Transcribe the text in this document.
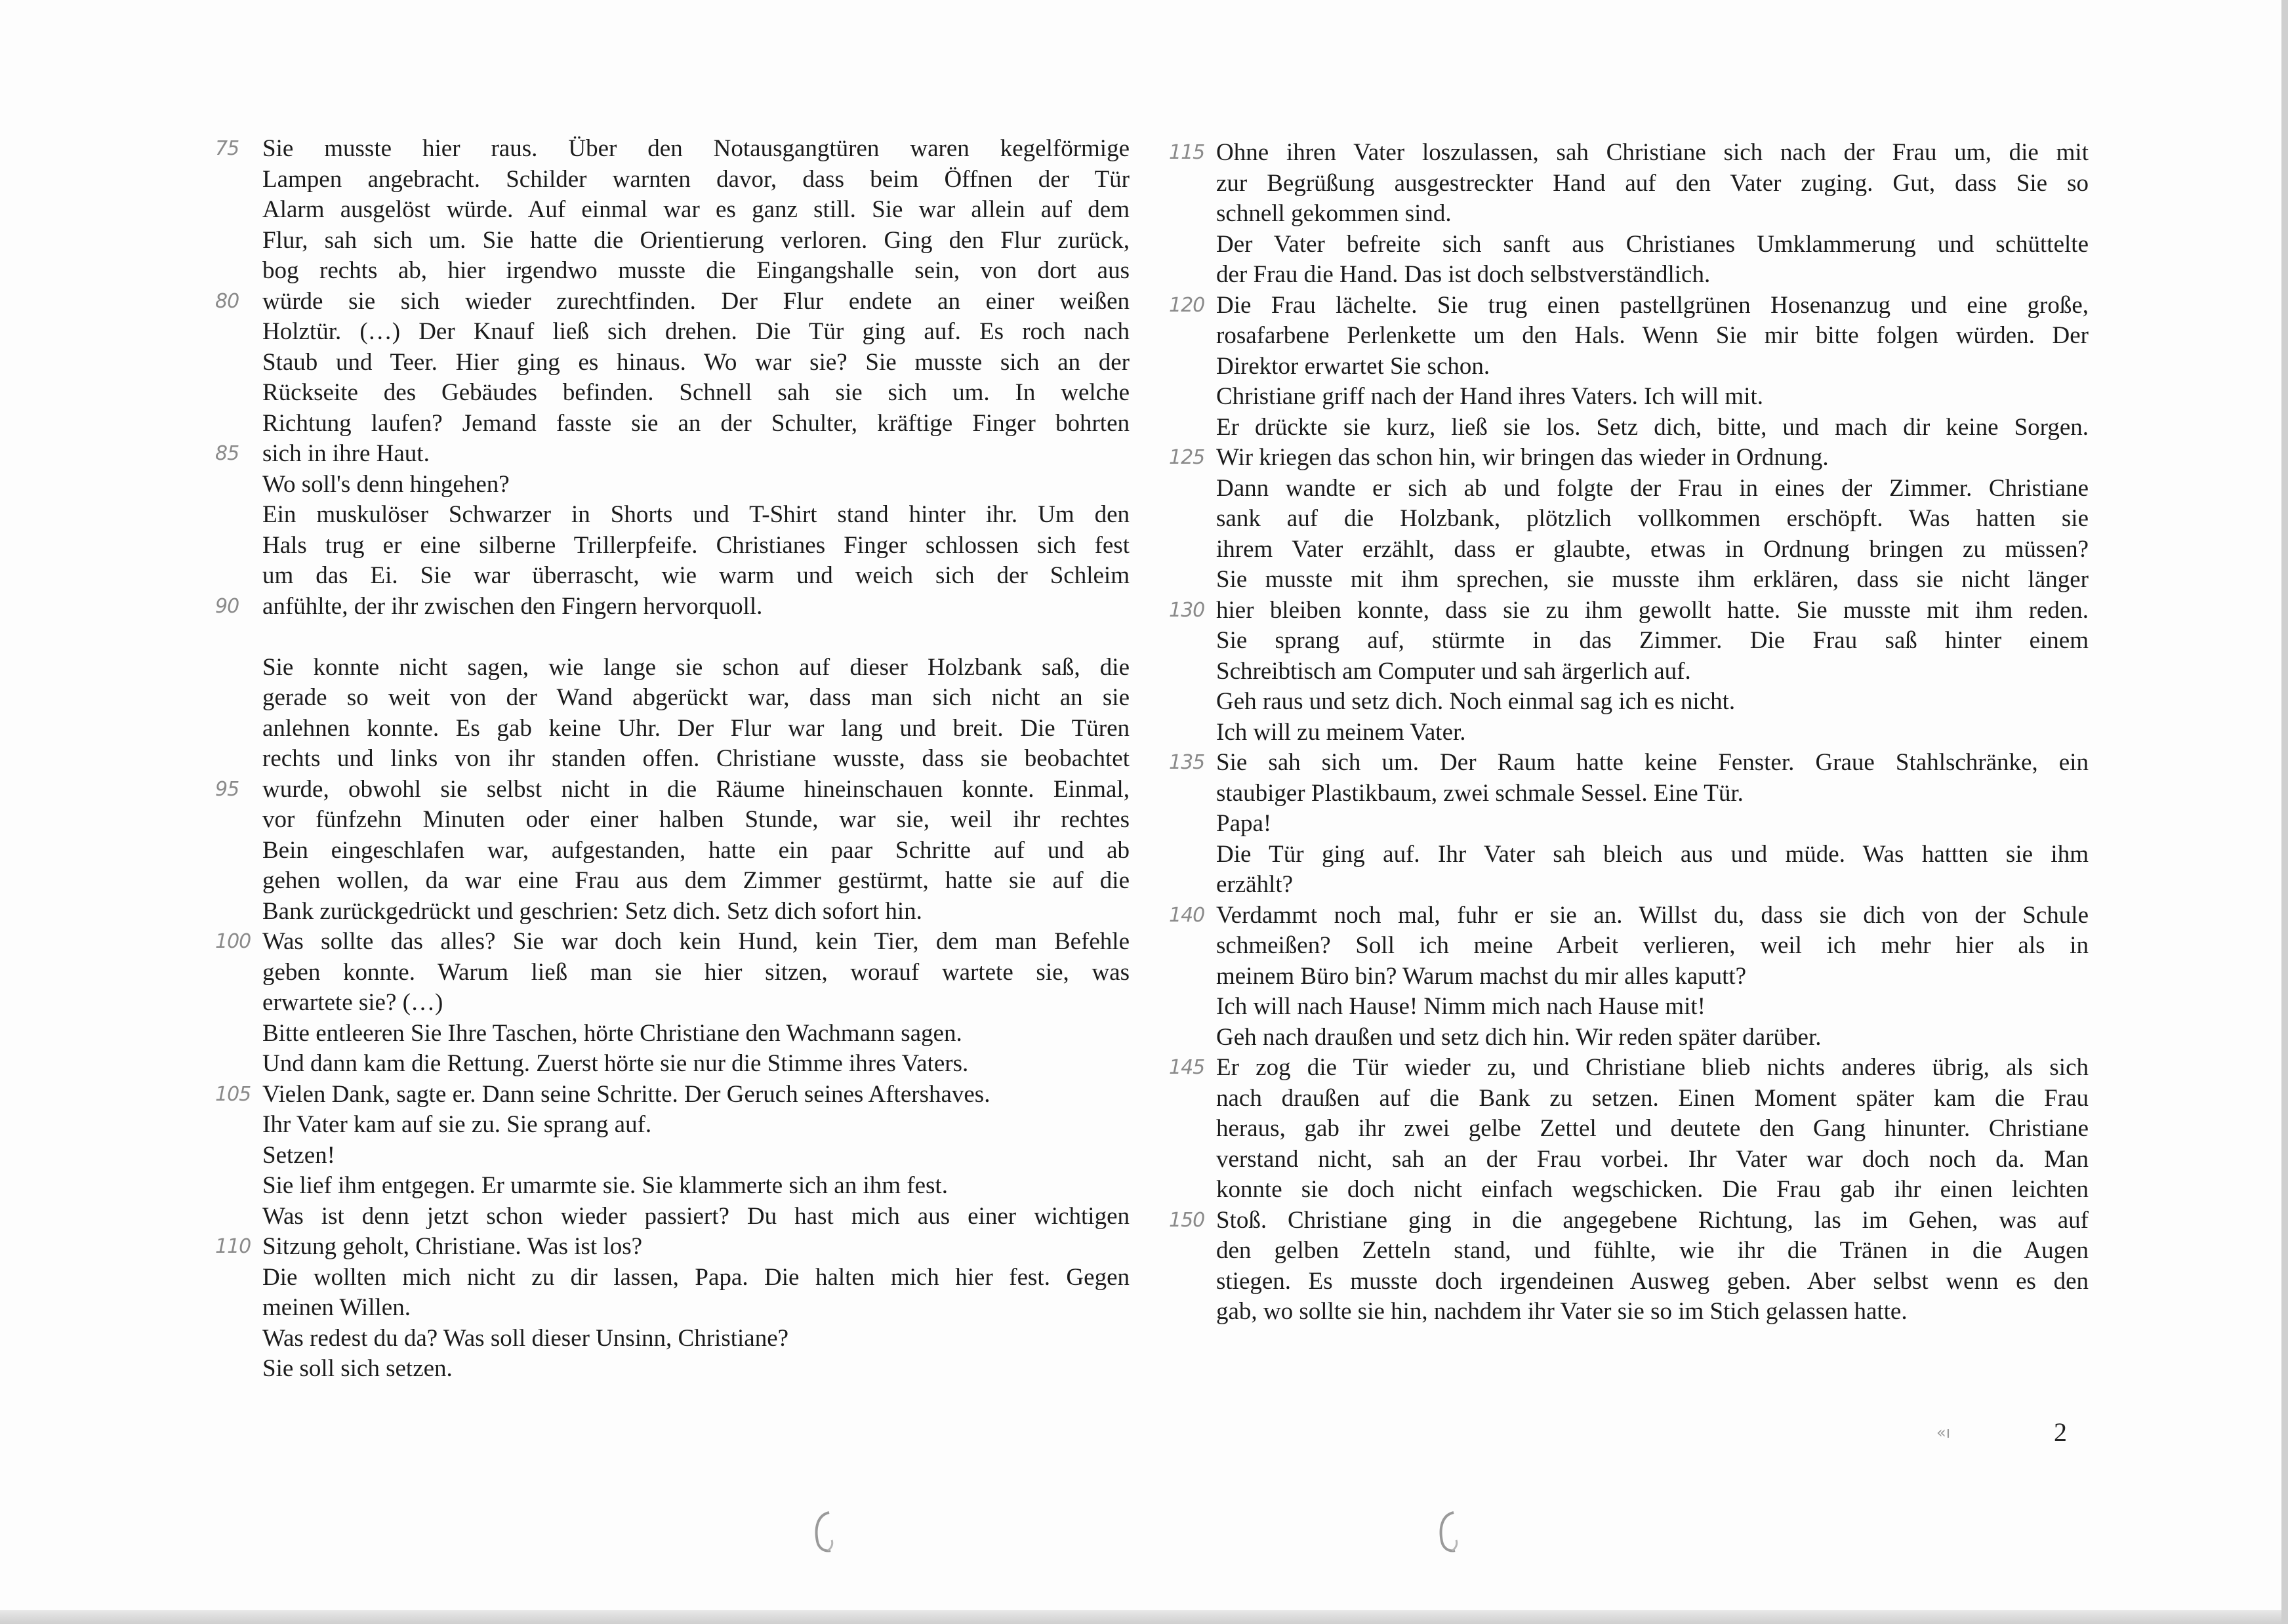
75 Sie musste hier raus. Über den Notausgangtüren waren kegelförmige
Lampen angebracht. Schilder warnten davor, dass beim Öffnen der Tür
Alarm ausgelöst würde. Auf einmal war es ganz still. Sie war allein auf dem
Flur, sah sich um. Sie hatte die Orientierung verloren. Ging den Flur zurück,
bog rechts ab, hier irgendwo musste die Eingangshalle sein, von dort aus
80 würde sie sich wieder zurechtfinden. Der Flur endete an einer weißen
Holztür. (…) Der Knauf ließ sich drehen. Die Tür ging auf. Es roch nach
Staub und Teer. Hier ging es hinaus. Wo war sie? Sie musste sich an der
Rückseite des Gebäudes befinden. Schnell sah sie sich um. In welche
Richtung laufen? Jemand fasste sie an der Schulter, kräftige Finger bohrten
85 sich in ihre Haut.
Wo soll's denn hingehen?
Ein muskulöser Schwarzer in Shorts und T-Shirt stand hinter ihr. Um den
Hals trug er eine silberne Trillerpfeife. Christianes Finger schlossen sich fest
um das Ei. Sie war überrascht, wie warm und weich sich der Schleim
90 anfühlte, der ihr zwischen den Fingern hervorquoll.
Sie konnte nicht sagen, wie lange sie schon auf dieser Holzbank saß, die
gerade so weit von der Wand abgerückt war, dass man sich nicht an sie
anlehnen konnte. Es gab keine Uhr. Der Flur war lang und breit. Die Türen
rechts und links von ihr standen offen. Christiane wusste, dass sie beobachtet
95 wurde, obwohl sie selbst nicht in die Räume hineinschauen konnte. Einmal,
vor fünfzehn Minuten oder einer halben Stunde, war sie, weil ihr rechtes
Bein eingeschlafen war, aufgestanden, hatte ein paar Schritte auf und ab
gehen wollen, da war eine Frau aus dem Zimmer gestürmt, hatte sie auf die
Bank zurückgedrückt und geschrien: Setz dich. Setz dich sofort hin.
100 Was sollte das alles? Sie war doch kein Hund, kein Tier, dem man Befehle
geben konnte. Warum ließ man sie hier sitzen, worauf wartete sie, was
erwartete sie? (…)
Bitte entleeren Sie Ihre Taschen, hörte Christiane den Wachmann sagen.
Und dann kam die Rettung. Zuerst hörte sie nur die Stimme ihres Vaters.
105 Vielen Dank, sagte er. Dann seine Schritte. Der Geruch seines Aftershaves.
Ihr Vater kam auf sie zu. Sie sprang auf.
Setzen!
Sie lief ihm entgegen. Er umarmte sie. Sie klammerte sich an ihm fest.
Was ist denn jetzt schon wieder passiert? Du hast mich aus einer wichtigen
110 Sitzung geholt, Christiane. Was ist los?
Die wollten mich nicht zu dir lassen, Papa. Die halten mich hier fest. Gegen
meinen Willen.
Was redest du da? Was soll dieser Unsinn, Christiane?
Sie soll sich setzen.
115 Ohne ihren Vater loszulassen, sah Christiane sich nach der Frau um, die mit
zur Begrüßung ausgestreckter Hand auf den Vater zuging. Gut, dass Sie so
schnell gekommen sind.
Der Vater befreite sich sanft aus Christianes Umklammerung und schüttelte
der Frau die Hand. Das ist doch selbstverständlich.
120 Die Frau lächelte. Sie trug einen pastellgrünen Hosenanzug und eine große,
rosafarbene Perlenkette um den Hals. Wenn Sie mir bitte folgen würden. Der
Direktor erwartet Sie schon.
Christiane griff nach der Hand ihres Vaters. Ich will mit.
Er drückte sie kurz, ließ sie los. Setz dich, bitte, und mach dir keine Sorgen.
125 Wir kriegen das schon hin, wir bringen das wieder in Ordnung.
Dann wandte er sich ab und folgte der Frau in eines der Zimmer. Christiane
sank auf die Holzbank, plötzlich vollkommen erschöpft. Was hatten sie
ihrem Vater erzählt, dass er glaubte, etwas in Ordnung bringen zu müssen?
Sie musste mit ihm sprechen, sie musste ihm erklären, dass sie nicht länger
130 hier bleiben konnte, dass sie zu ihm gewollt hatte. Sie musste mit ihm reden.
Sie sprang auf, stürmte in das Zimmer. Die Frau saß hinter einem
Schreibtisch am Computer und sah ärgerlich auf.
Geh raus und setz dich. Noch einmal sag ich es nicht.
Ich will zu meinem Vater.
135 Sie sah sich um. Der Raum hatte keine Fenster. Graue Stahlschränke, ein
staubiger Plastikbaum, zwei schmale Sessel. Eine Tür.
Papa!
Die Tür ging auf. Ihr Vater sah bleich aus und müde. Was hattten sie ihm
erzählt?
140 Verdammt noch mal, fuhr er sie an. Willst du, dass sie dich von der Schule
schmeißen? Soll ich meine Arbeit verlieren, weil ich mehr hier als in
meinem Büro bin? Warum machst du mir alles kaputt?
Ich will nach Hause! Nimm mich nach Hause mit!
Geh nach draußen und setz dich hin. Wir reden später darüber.
145 Er zog die Tür wieder zu, und Christiane blieb nichts anderes übrig, als sich
nach draußen auf die Bank zu setzen. Einen Moment später kam die Frau
heraus, gab ihr zwei gelbe Zettel und deutete den Gang hinunter. Christiane
verstand nicht, sah an der Frau vorbei. Ihr Vater war doch noch da. Man
konnte sie doch nicht einfach wegschicken. Die Frau gab ihr einen leichten
150 Stoß. Christiane ging in die angegebene Richtung, las im Gehen, was auf
den gelben Zetteln stand, und fühlte, wie ihr die Tränen in die Augen
stiegen. Es musste doch irgendeinen Ausweg geben. Aber selbst wenn es den
gab, wo sollte sie hin, nachdem ihr Vater sie so im Stich gelassen hatte.
«ı	2
